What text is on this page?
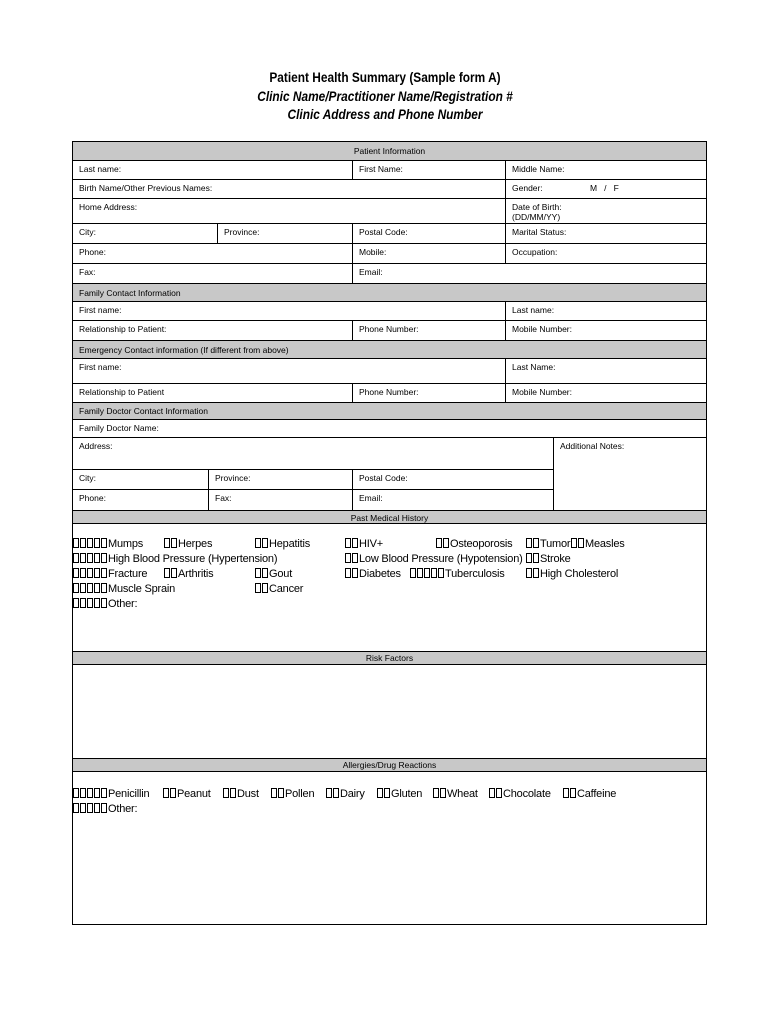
Patient Health Summary (Sample form A)
Clinic Name/Practitioner Name/Registration #
Clinic Address and Phone Number
Patient Information
Last name:	First Name:	Middle Name:
Birth Name/Other Previous Names:	Gender:	M   /   F
Home Address:	Date of Birth:
(DD/MM/YY)
City:	Province:	Postal Code:	Marital Status:
Phone:	Mobile:	Occupation:
Fax:	Email:
Family Contact Information
First name:	Last name:
Relationship to Patient:	Phone Number:	Mobile Number:
Emergency Contact information (If different from above)
First name:	Last Name:
Relationship to Patient	Phone Number:	Mobile Number:
Family Doctor Contact Information
Family Doctor Name:
Address:	Additional Notes:
City:	Province:	Postal Code:
Phone:	Fax:	Email:
Past Medical History
Mumps	Herpes	Hepatitis	HIV+	Osteoporosis	Tumor	Measles
High Blood Pressure (Hypertension)	Low Blood Pressure (Hypotension)	Stroke
Fracture	Arthritis	Gout	Diabetes	Tuberculosis	High Cholesterol
Muscle Sprain	Cancer
Other:
Risk Factors
Allergies/Drug Reactions
Penicillin	Peanut	Dust	Pollen	Dairy	Gluten	Wheat	Chocolate	Caffeine
Other:
